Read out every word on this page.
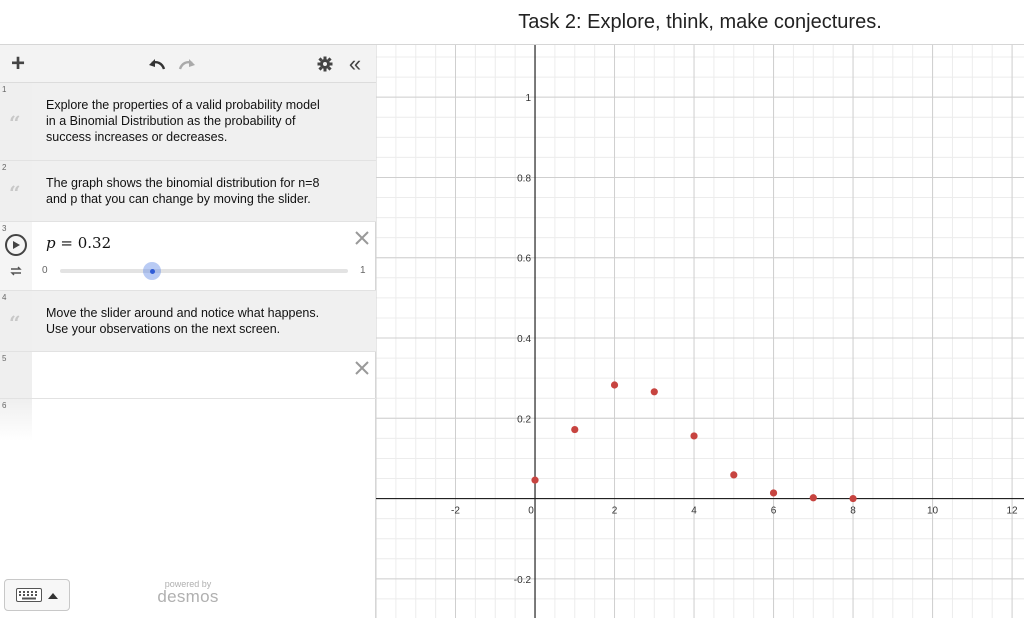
Task 2: Explore, think, make conjectures.
+	«
1
“
Explore the properties of a valid probability model
in a Binomial Distribution as the probability of
success increases or decreases.
2
“ The graph shows the binomial distribution for n=8
and p that you can change by moving the slider.
3
p = 0.32
0	1
4
“ Move the slider around and notice what happens.
Use your observations on the next screen.
5
6
powered by
desmos
-2	0	2	4	6	8	10	12
-0.2
0.2
0.4
0.6
0.8
1
